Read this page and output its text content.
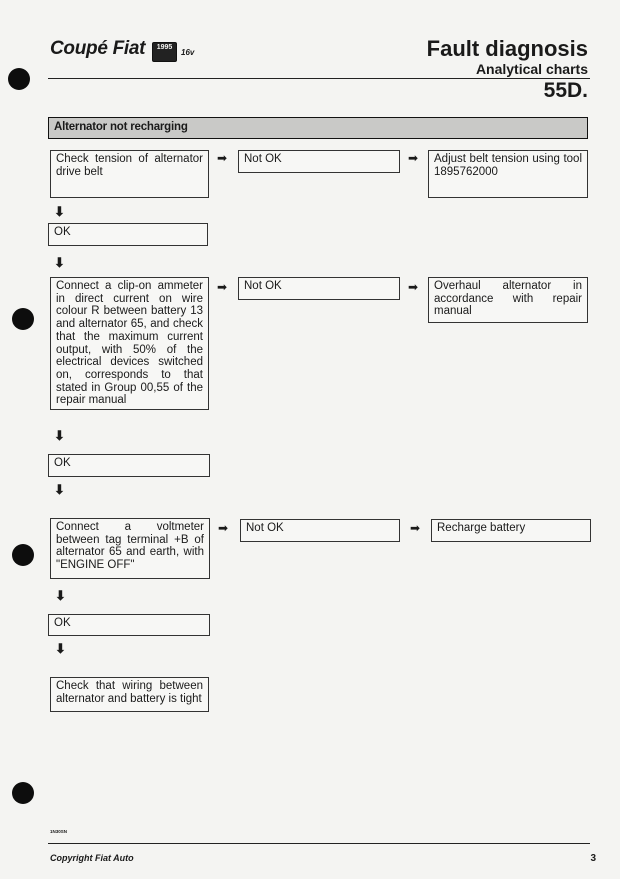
Coupé Fiat	1995
16v	Fault diagnosis
Analytical charts
55D.
Alternator not recharging
Check tension of alternator drive belt
➡	Not OK	➡	Adjust belt tension using tool 1895762000
⬇
OK
⬇
Connect a clip-on ammeter in direct current on wire colour R between battery 13 and alternator 65, and check that the maximum current output, with 50% of the electrical devices switched on, corresponds to that stated in Group 00,55 of the repair manual
➡	Not OK	➡	Overhaul alternator in accordance with repair manual
⬇
OK
⬇
Connect a voltmeter between tag terminal +B of alternator 65 and earth, with "ENGINE OFF"
➡	Not OK	➡	Recharge battery
⬇
OK
⬇
Check that wiring between alternator and battery is tight
1N30SN
Copyright Fiat Auto	3
